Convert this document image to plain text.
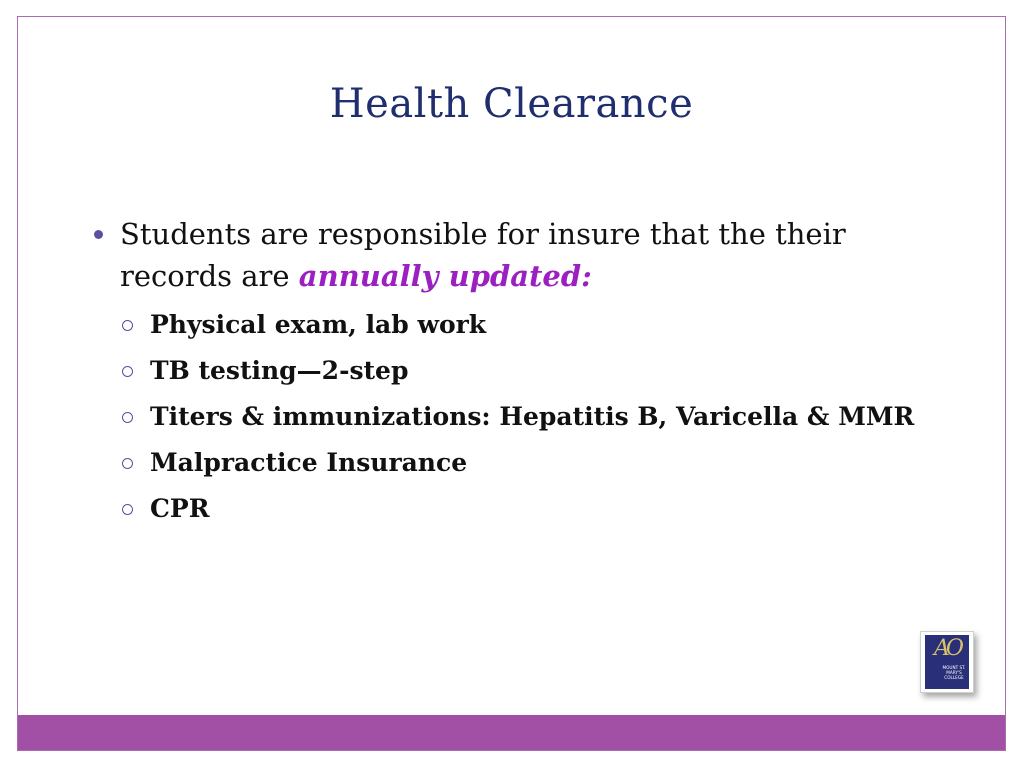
Health Clearance
Students are responsible for insure that the their records are annually updated:
Physical exam, lab work
TB testing—2-step
Titers & immunizations: Hepatitis B, Varicella & MMR
Malpractice Insurance
CPR
AO
MOUNT ST. MARY'S COLLEGE
